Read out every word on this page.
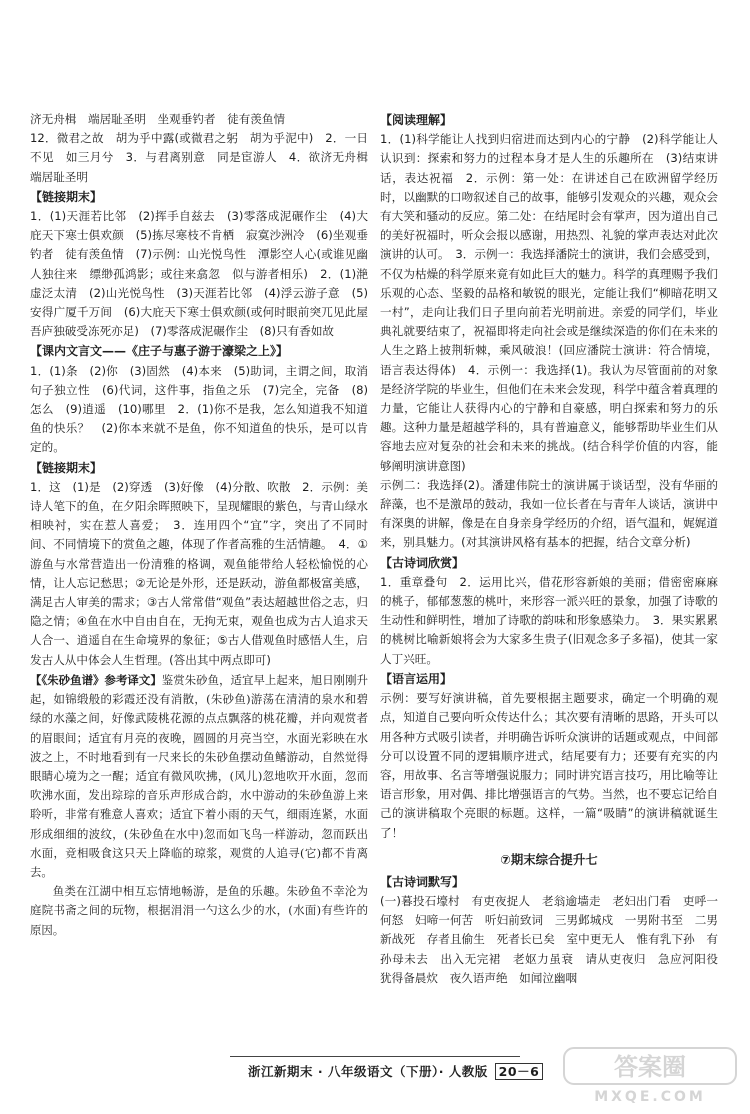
济无舟楫　端居耻圣明　坐观垂钓者　徒有羡鱼情

12．微君之故　胡为乎中露(或微君之躬　胡为乎泥中)　2．一日不见　如三月兮　3．与君离别意　同是宦游人　4．欲济无舟楫　端居耻圣明

【链接期末】

1．(1)天涯若比邻　(2)挥手自兹去　(3)零落成泥碾作尘　(4)大庇天下寒士俱欢颜　(5)拣尽寒枝不肯栖　寂寞沙洲冷　(6)坐观垂钓者　徒有羡鱼情　(7)示例：山光悦鸟性　潭影空人心(或谁见幽人独往来　缥缈孤鸿影；或往来翕忽　似与游者相乐)　2．(1)滟虚泛太清　(2)山光悦鸟性　(3)天涯若比邻　(4)浮云游子意　(5)安得广厦千万间　(6)大庇天下寒士俱欢颜(或何时眼前突兀见此屋　吾庐独破受冻死亦足)　(7)零落成泥碾作尘　(8)只有香如故

【课内文言文——《庄子与惠子游于濠梁之上》】

1．(1)条　(2)你　(3)固然　(4)本来　(5)助词，主谓之间，取消句子独立性　(6)代词，这件事，指鱼之乐　(7)完全，完备　(8)怎么　(9)逍遥　(10)哪里　2．(1)你不是我，怎么知道我不知道鱼的快乐？　(2)你本来就不是鱼，你不知道鱼的快乐，是可以肯定的。

【链接期末】

1．这　(1)是　(2)穿透　(3)好像　(4)分散、吹散　2．示例：美诗人笔下的鱼，在夕阳余晖照映下，呈现耀眼的紫色，与青山绿水相映衬，实在惹人喜爱；　3．连用四个“宜”字，突出了不同时间、不同情境下的赏鱼之趣，体现了作者高雅的生活情趣。　4．①游鱼与水常营造出一份清雅的格调，观鱼能带给人轻松愉悦的心情，让人忘记愁思；②无论是外形，还是跃动，游鱼都极富美感，满足古人审美的需求；③古人常常借“观鱼”表达超越世俗之志，归隐之情；④鱼在水中自由自在，无拘无束，观鱼也成为古人追求天人合一、逍遥自在生命境界的象征；⑤古人借观鱼时感悟人生，启发古人从中体会人生哲理。(答出其中两点即可)

【《朱砂鱼谱》参考译文】鉴赏朱砂鱼，适宜早上起来，旭日刚刚升起，如锦缎般的彩霞还没有消散，(朱砂鱼)游荡在清清的泉水和碧绿的水藻之间，好像武陵桃花源的点点飘落的桃花瓣，并向观赏者的眉眼间；适宜有月亮的夜晚，圆圆的月亮当空，水面光彩映在水波之上，不时地看到有一尺来长的朱砂鱼摆动鱼鳍游动，自然觉得眼睛心境为之一醒；适宜有微风吹拂，(风儿)忽地吹开水面，忽而吹沸水面，发出琮琮的音乐声形成合韵，水中游动的朱砂鱼游上来聆听，非常有雅意人喜欢；适宜下着小雨的天气，细雨连紧，水面形成细细的波纹，(朱砂鱼在水中)忽而如飞鸟一样游动，忽而跃出水面，竞相吸食这只天上降临的琼浆，观赏的人追寻(它)都不肯离去。

鱼类在江湖中相互忘情地畅游，是鱼的乐趣。朱砂鱼不幸沦为庭院书斋之间的玩物，根据涓涓一勺这么少的水，(水面)有些许的原因。

【阅读理解】

1．(1)科学能让人找到归宿进而达到内心的宁静　(2)科学能让人认识到：探索和努力的过程本身才是人生的乐趣所在　(3)结束讲话，表达祝福　2．示例：第一处：在讲述自己在欧洲留学经历时，以幽默的口吻叙述自己的故事，能够引发观众的兴趣，观众会有大笑和骚动的反应。第二处：在结尾时会有掌声，因为道出自己的美好祝福时，听众会报以感谢，用热烈、礼貌的掌声表达对此次演讲的认可。　3．示例一：我选择潘院士的演讲，我们会感受到，不仅为枯燥的科学原来竟有如此巨大的魅力。科学的真理赐予我们乐观的心态、坚毅的品格和敏锐的眼光，定能让我们“柳暗花明又一村”，走向让我们日子里向前若光明前进。亲爱的同学们，毕业典礼就要结束了，祝福即将走向社会或是继续深造的你们在未来的人生之路上披荆斩棘，乘风破浪！(回应潘院士演讲：符合情境，语言表达得体)　4．示例一：我选择(1)。我认为尽管面前的对象是经济学院的毕业生，但他们在未来会发现，科学中蕴含着真理的力量，它能让人获得内心的宁静和自豪感，明白探索和努力的乐趣。这种力量是超越学科的，具有普遍意义，能够帮助毕业生们从容地去应对复杂的社会和未来的挑战。(结合科学价值的内容，能够阐明演讲意图)

示例二：我选择(2)。潘建伟院士的演讲属于谈话型，没有华丽的辞藻，也不是激昂的鼓动，我如一位长者在与青年人谈话，演讲中有深奥的讲解，像是在自身亲身学经历的介绍，语气温和，娓娓道来，别具魅力。(对其演讲风格有基本的把握，结合文章分析)

【古诗词欣赏】

1．重章叠句　2．运用比兴，借花形容新娘的美丽；借密密麻麻的桃子，郁郁葱葱的桃叶，来形容一派兴旺的景象，加强了诗歌的生动性和鲜明性，增加了诗歌的韵味和形象感染力。　3．果实累累的桃树比喻新娘将会为大家多生贵子(旧观念多子多福)，使其一家人丁兴旺。

【语言运用】

示例：要写好演讲稿，首先要根据主题要求，确定一个明确的观点，知道自己要向听众传达什么；其次要有清晰的思路，开头可以用各种方式吸引读者，并明确告诉听众演讲的话题或观点，中间部分可以设置不同的逻辑顺序进式，结尾要有力；还要有充实的内容，用故事、名言等增强说服力；同时讲究语言技巧，用比喻等让语言形象，用对偶、排比增强语言的气势。当然，也不要忘记给自己的演讲稿取个亮眼的标题。这样，一篇“吸睛”的演讲稿就诞生了！

⑦期末综合提升七

【古诗词默写】

(一)暮投石壕村　有吏夜捉人　老翁逾墙走　老妇出门看　吏呼一何怒　妇啼一何苦　听妇前致词　三男邺城戍　一男附书至　二男新战死　存者且偷生　死者长已矣　室中更无人　惟有乳下孙　有孙母未去　出入无完裙　老妪力虽衰　请从吏夜归　急应河阳役　犹得备晨炊　夜久语声绝　如闻泣幽咽

浙江新期末 · 八年级语文（下册）· 人教版 20－6	答案圈
MXQE.COM
